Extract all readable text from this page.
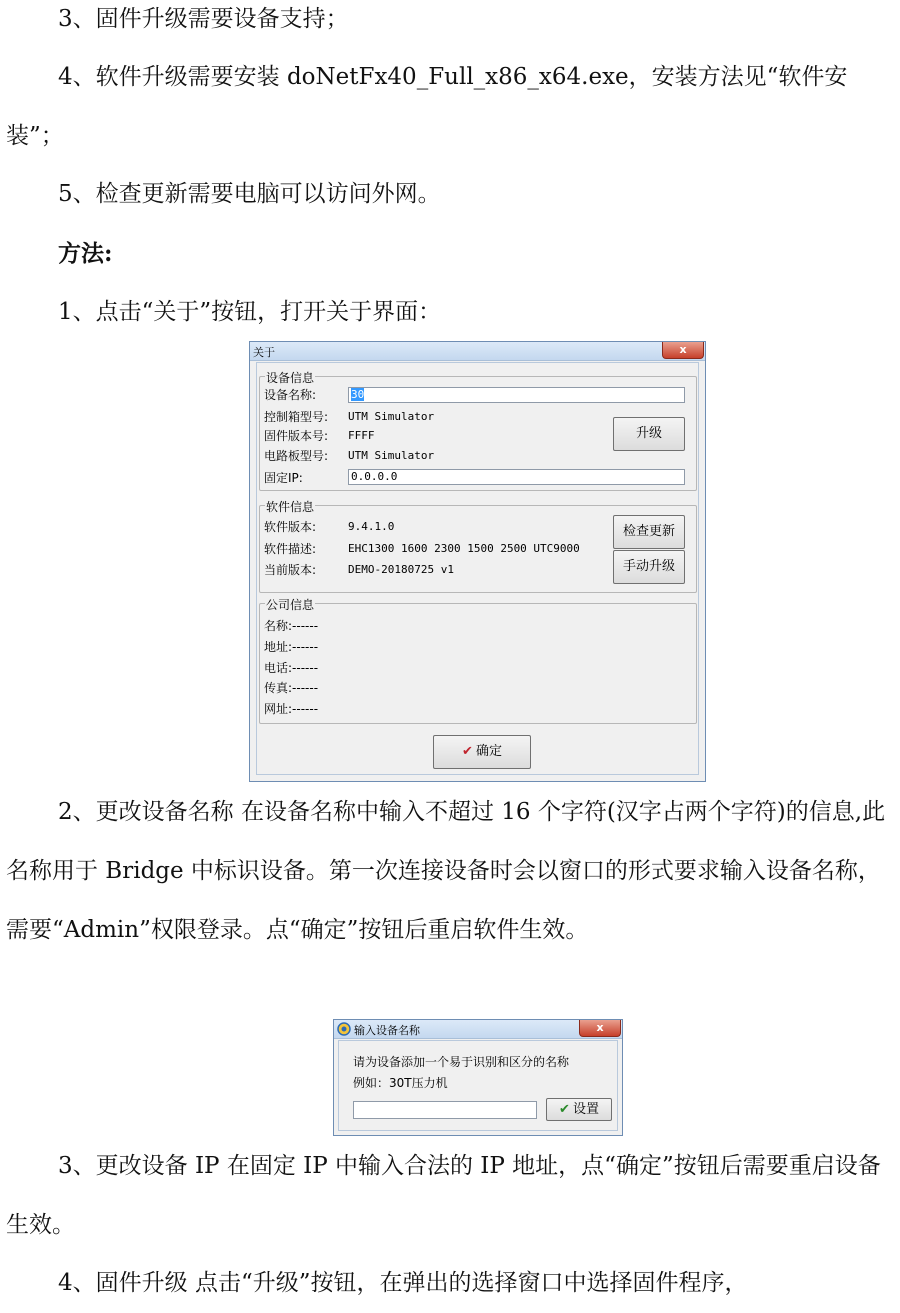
3、固件升级需要设备支持；

4、软件升级需要安装 doNetFx40_Full_x86_x64.exe，安装方法见“软件安装”；

5、检查更新需要电脑可以访问外网。

方法:

1、点击“关于”按钮，打开关于界面：

关于	x
设备信息
设备名称:	30
控制箱型号: UTM Simulator
固件版本号: FFFF
电路板型号: UTM Simulator
固定IP:	0.0.0.0
升级
软件信息
软件版本:	9.4.1.0
软件描述:	EHC1300 1600 2300 1500 2500 UTC9000
当前版本:	DEMO-20180725 v1
检查更新
手动升级
公司信息
名称:------
地址:------
电话:------
传真:------
网址:------
✔ 确定

2、更改设备名称 在设备名称中输入不超过 16 个字符(汉字占两个字符)的信息,此名称用于 Bridge 中标识设备。第一次连接设备时会以窗口的形式要求输入设备名称，需要“Admin”权限登录。点“确定”按钮后重启软件生效。

输入设备名称	x
请为设备添加一个易于识别和区分的名称
例如：30T压力机
✔ 设置

3、更改设备 IP 在固定 IP 中输入合法的 IP 地址，点“确定”按钮后需要重启设备生效。

4、固件升级 点击“升级”按钮，在弹出的选择窗口中选择固件程序，
